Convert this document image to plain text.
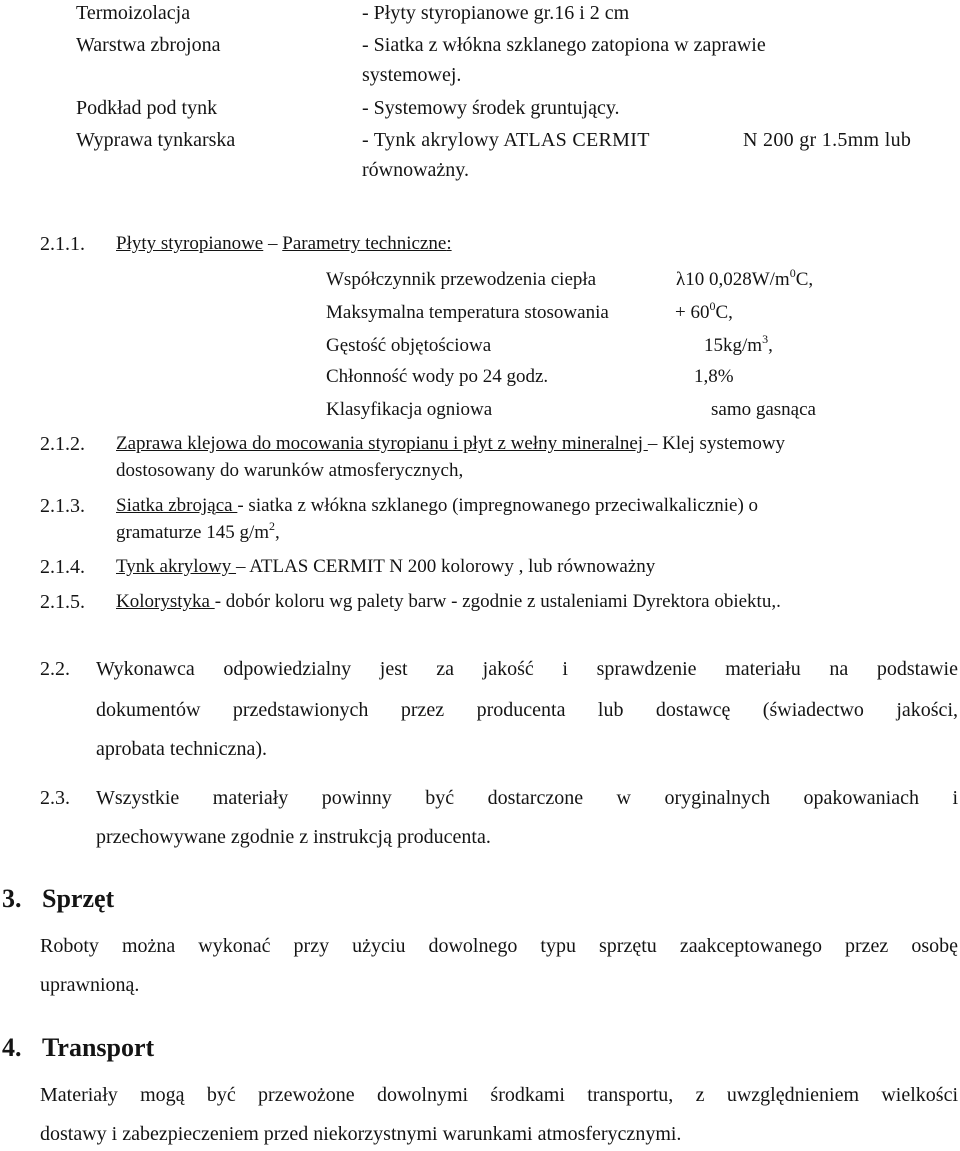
Termoizolacja	- Płyty styropianowe gr.16 i 2 cm
Warstwa zbrojona	- Siatka z włókna szklanego zatopiona w zaprawie
systemowej.
Podkład pod tynk	- Systemowy środek gruntujący.
Wyprawa tynkarska	- Tynk akrylowy ATLAS CERMIT	N 200 gr 1.5mm lub
równoważny.
2.1.1. Płyty styropianowe – Parametry techniczne:
Współczynnik przewodzenia ciepła	λ10 $0,028W/m^0C$,
Maksymalna temperatura stosowania	+ $60^0C$,
Gęstość objętościowa	$15kg/m^3$,
Chłonność wody po 24 godz.	1,8%
Klasyfikacja ogniowa	samo gasnąca
2.1.2. Zaprawa klejowa do mocowania styropianu i płyt z wełny mineralnej – Klej systemowy
dostosowany do warunków atmosferycznych,
2.1.3. Siatka zbrojąca - siatka z włókna szklanego (impregnowanego przeciwalkalicznie) o
gramaturze 145 $g/m^2$,
2.1.4. Tynk akrylowy – ATLAS CERMIT N 200 kolorowy , lub równoważny
2.1.5. Kolorystyka - dobór koloru wg palety barw - zgodnie z ustaleniami Dyrektora obiektu,.
2.2. Wykonawca odpowiedzialny jest za jakość i sprawdzenie materiału na podstawie
dokumentów przedstawionych przez producenta lub dostawcę (świadectwo jakości,
aprobata techniczna).
2.3. Wszystkie materiały powinny być dostarczone w oryginalnych opakowaniach i
przechowywane zgodnie z instrukcją producenta.
3. Sprzęt
Roboty można wykonać przy użyciu dowolnego typu sprzętu zaakceptowanego przez osobę
uprawnioną.
4. Transport
Materiały mogą być przewożone dowolnymi środkami transportu, z uwzględnieniem wielkości
dostawy i zabezpieczeniem przed niekorzystnymi warunkami atmosferycznymi.
